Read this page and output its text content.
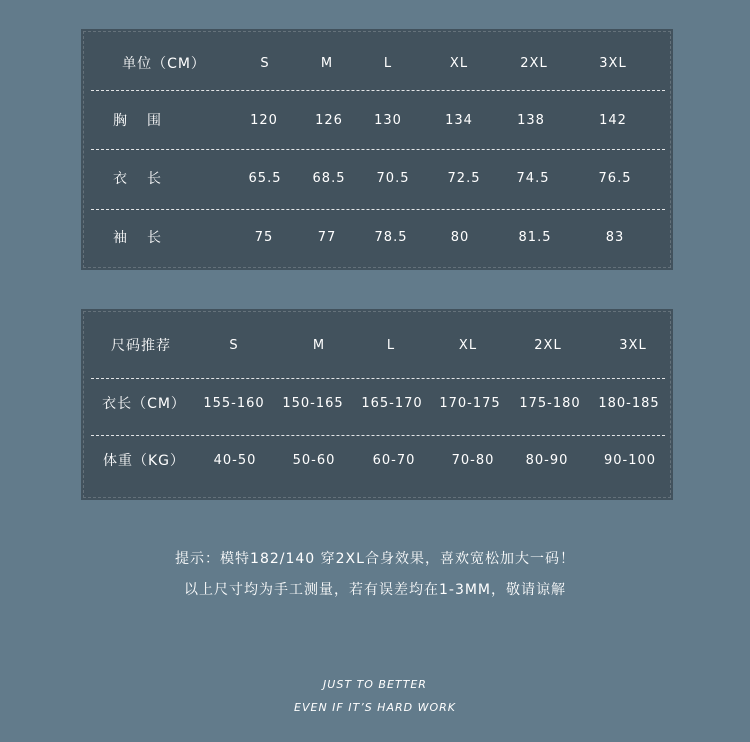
单位（CM）	S	M	L	XL	2XL	3XL
胸围	120	126 130	134	138	142
衣长	65.5 68.5 70.5	72.5	74.5	76.5
袖长	75	77	78.5	80	81.5	83
尺码推荐	S	M	L	XL	2XL	3XL
衣长（CM） 155-160 150-165 165-170 170-175 175-180 180-185
体重（KG） 40-50	50-60	60-70	70-80 80-90	90-100
提示：模特182/140 穿2XL合身效果，喜欢宽松加大一码！
以上尺寸均为手工测量，若有误差均在1-3MM，敬请谅解
JUST TO BETTER
EVEN IF IT’S HARD WORK
